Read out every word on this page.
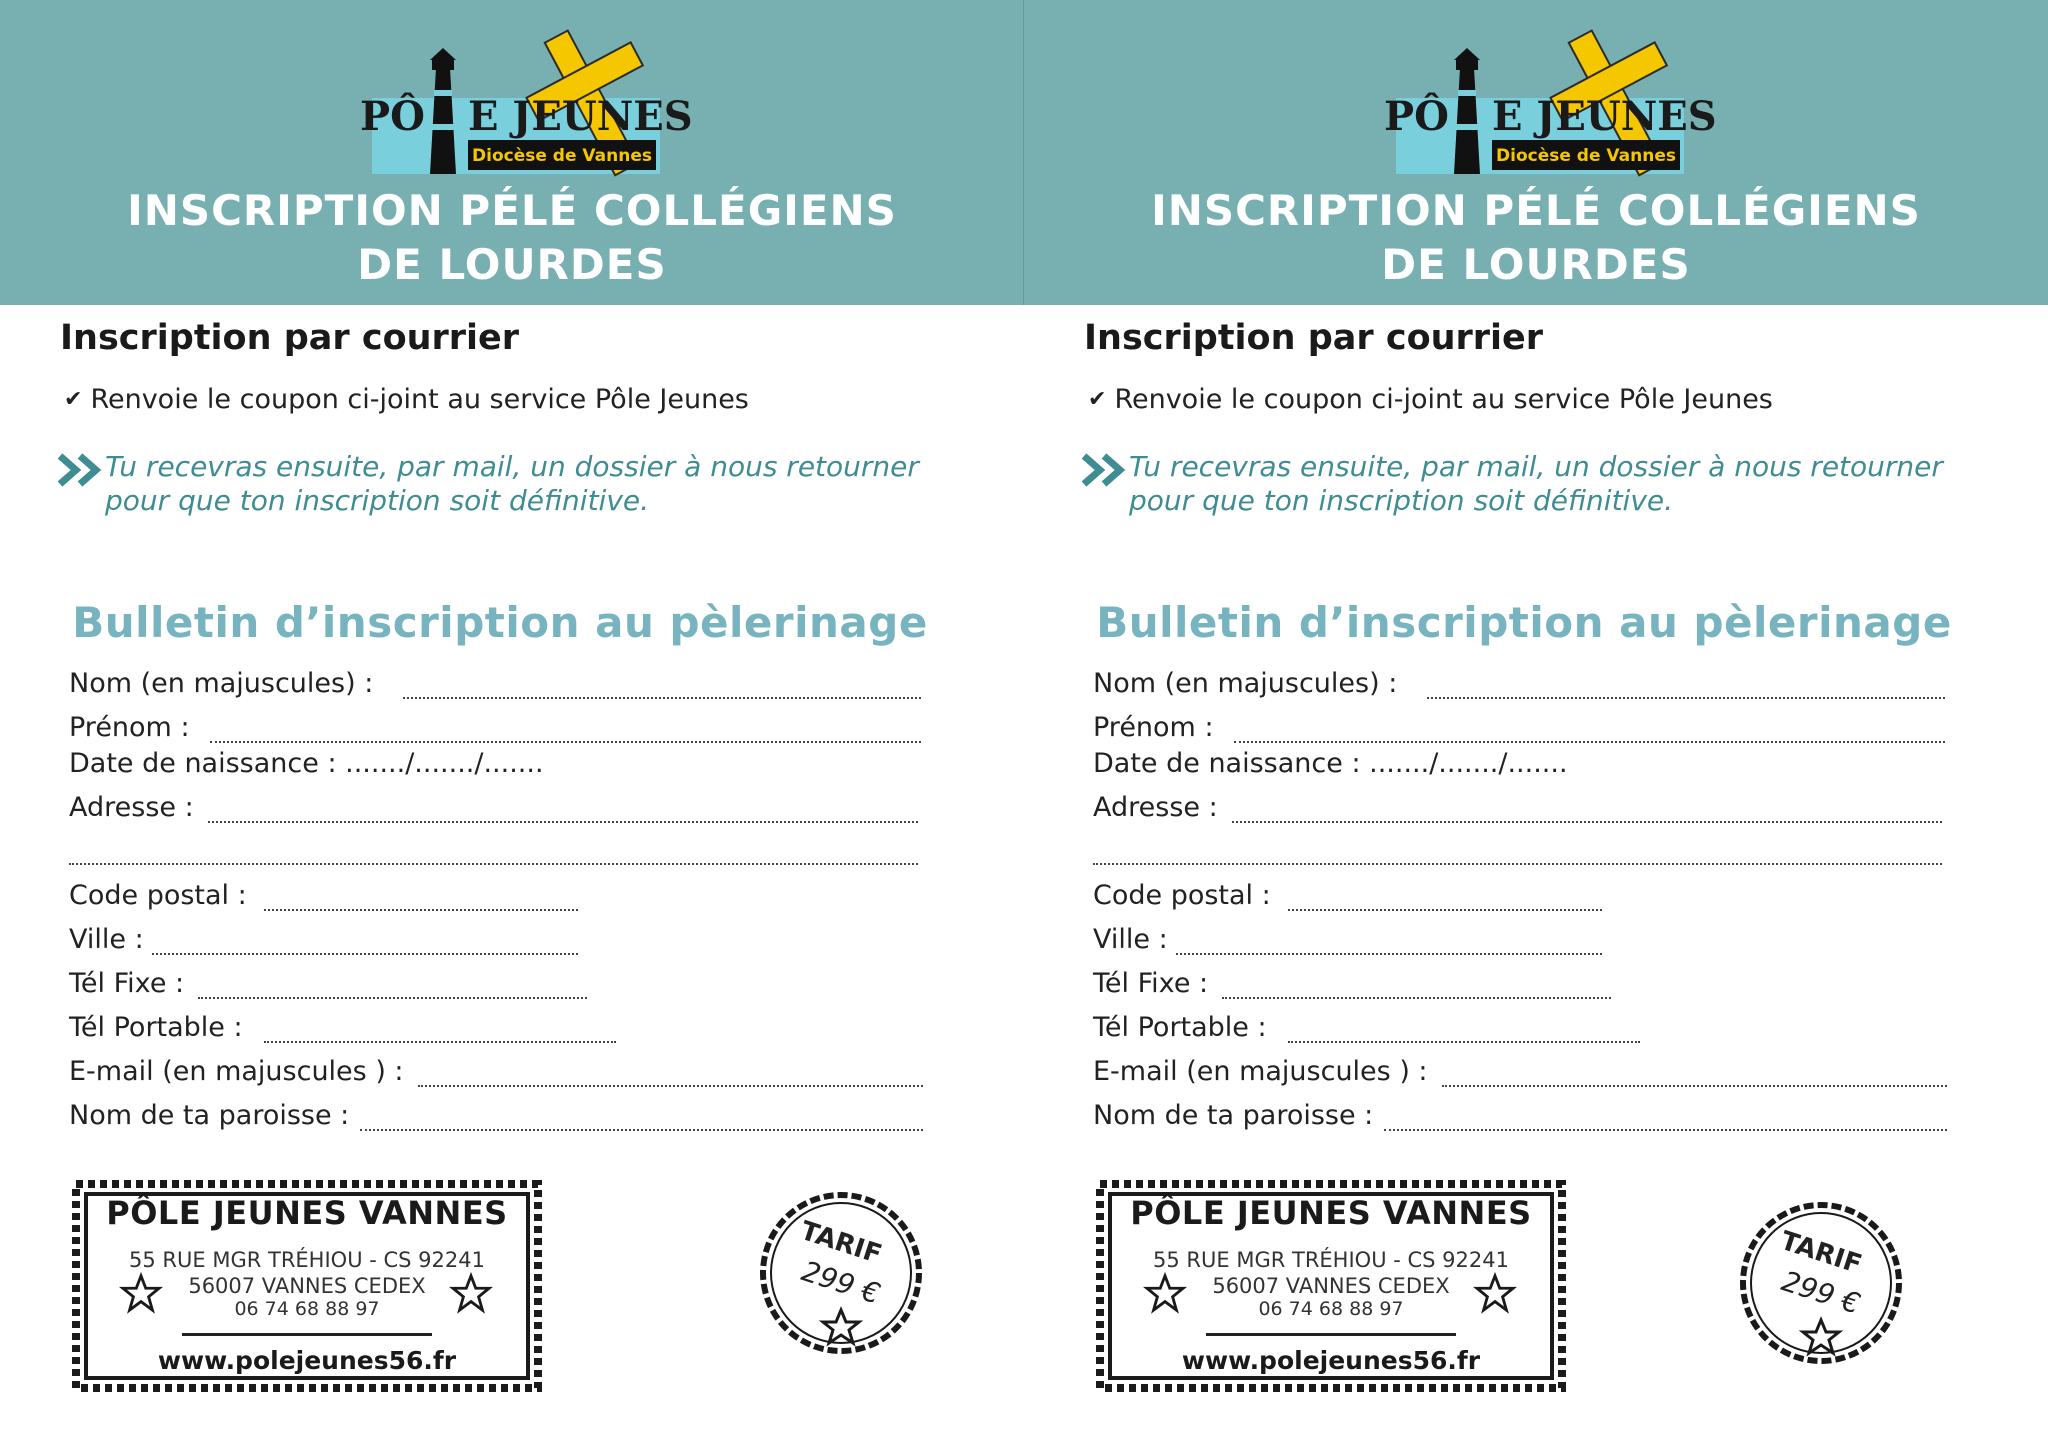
PÔ E JEUNES
Diocèse de Vannes
INSCRIPTION PÉLÉ COLLÉGIENS
DE LOURDES
Inscription par courrier
✔ Renvoie le coupon ci-joint au service Pôle Jeunes
Tu recevras ensuite, par mail, un dossier à nous retourner
pour que ton inscription soit définitive.
Bulletin d’inscription au pèlerinage
Nom (en majuscules) :
Prénom :
Date de naissance : ......./......./.......
Adresse :
Code postal :
Ville :
Tél Fixe :
Tél Portable :
E-mail (en majuscules ) :
Nom de ta paroisse :
PÔLE JEUNES VANNES
55 RUE MGR TRÉHIOU - CS 92241
56007 VANNES CEDEX
06 74 68 88 97
www.polejeunes56.fr
TARIF
299 €
PÔ E JEUNES
Diocèse de Vannes
INSCRIPTION PÉLÉ COLLÉGIENS
DE LOURDES
Inscription par courrier
✔ Renvoie le coupon ci-joint au service Pôle Jeunes
Tu recevras ensuite, par mail, un dossier à nous retourner
pour que ton inscription soit définitive.
Bulletin d’inscription au pèlerinage
Nom (en majuscules) :
Prénom :
Date de naissance : ......./......./.......
Adresse :
Code postal :
Ville :
Tél Fixe :
Tél Portable :
E-mail (en majuscules ) :
Nom de ta paroisse :
PÔLE JEUNES VANNES
55 RUE MGR TRÉHIOU - CS 92241
56007 VANNES CEDEX
06 74 68 88 97
www.polejeunes56.fr
TARIF
299 €
